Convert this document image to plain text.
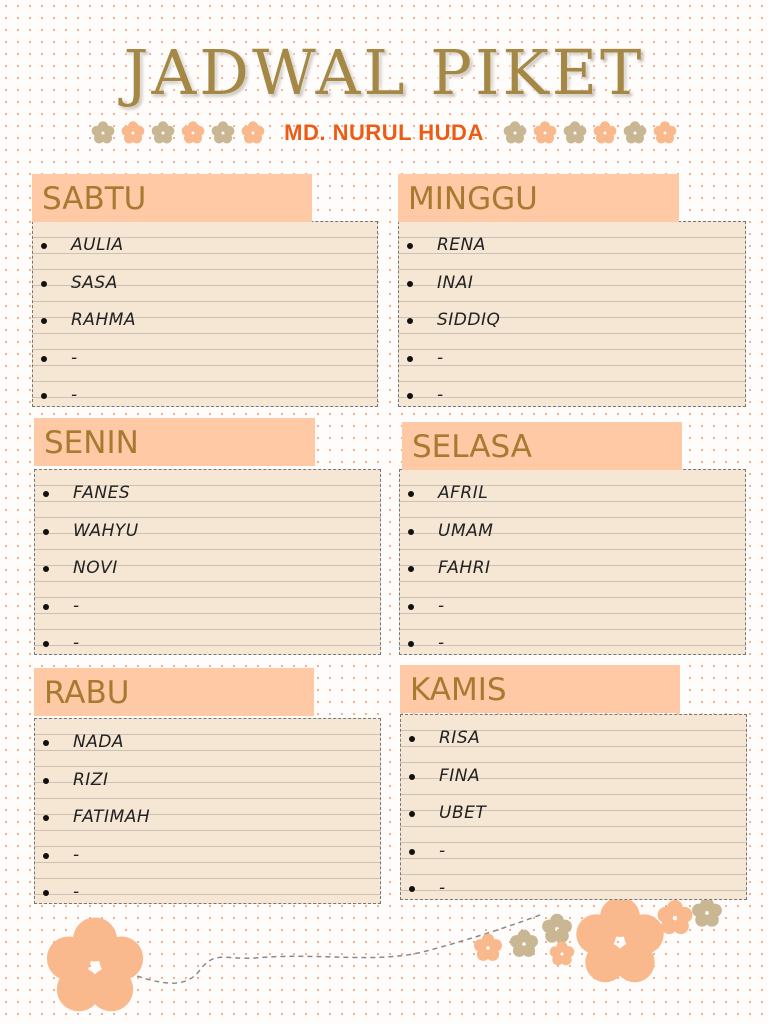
JADWAL PIKET
MD. NURUL HUDA
SABTU
AULIA
SASA
RAHMA
-
-
MINGGU
RENA
INAI
SIDDIQ
-
-
SENIN
FANES
WAHYU
NOVI
-
-
SELASA
AFRIL
UMAM
FAHRI
-
-
RABU
NADA
RIZI
FATIMAH
-
-
KAMIS
RISA
FINA
UBET
-
-
